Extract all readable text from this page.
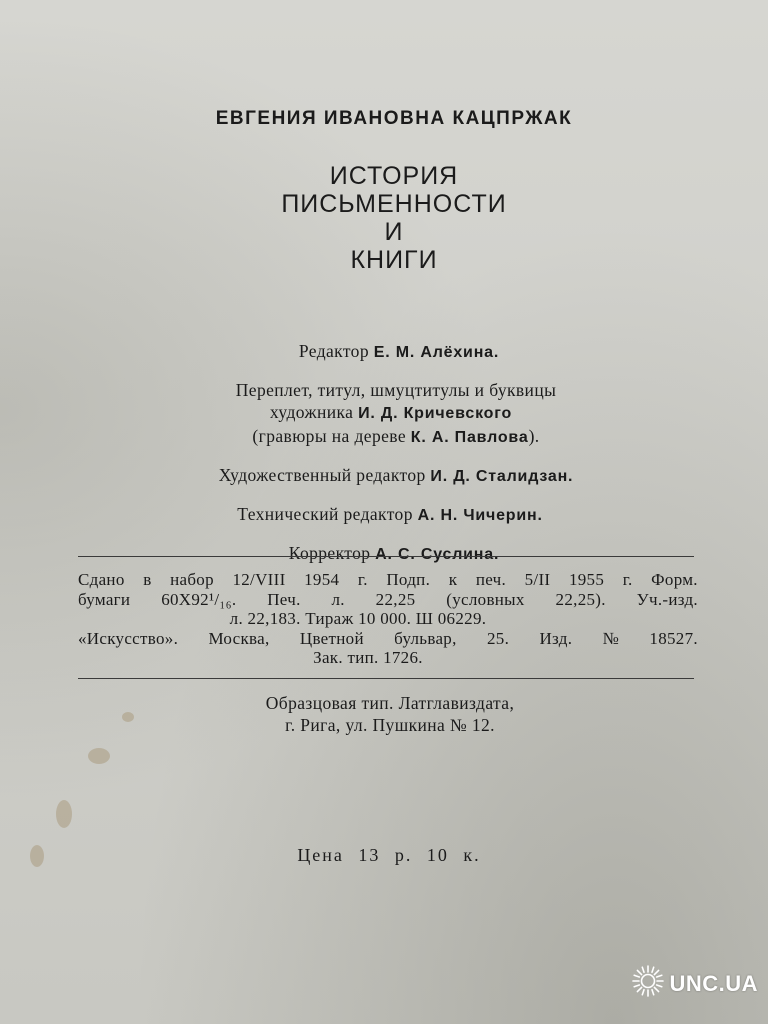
ЕВГЕНИЯ ИВАНОВНА КАЦПРЖАК
ИСТОРИЯ
ПИСЬМЕННОСТИ
И
КНИГИ
Редактор Е. М. Алёхина.
Переплет, титул, шмуцтитулы и буквицы
художника И. Д. Кричевского
(гравюры на дереве К. А. Павлова).
Художественный редактор И. Д. Сталидзан.
Технический редактор А. Н. Чичерин.
Корректор А. С. Суслина.
Сдано в набор 12/VIII 1954 г. Подп. к печ. 5/II 1955 г. Форм.
бумаги 60X92¹/₁₆. Печ. л. 22,25 (условных 22,25). Уч.-изд.
л. 22,183. Тираж 10 000. Ш 06229.
«Искусство». Москва, Цветной бульвар, 25. Изд. № 18527.
Зак. тип. 1726.
Образцовая тип. Латглавиздата,
г. Рига, ул. Пушкина № 12.
Цена 13 р. 10 к.
UNC.UA
